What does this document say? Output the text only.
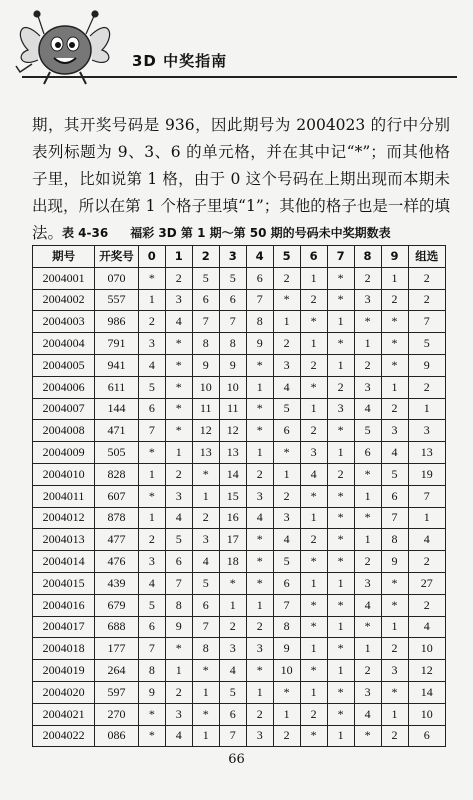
3D 中奖指南

期，其开奖号码是 936，因此期号为 2004023 的行中分别表列标题为 9、3、6 的单元格，并在其中记“*”；而其他格子里，比如说第 1 格，由于 0 这个号码在上期出现而本期未出现，所以在第 1 个格子里填“1”；其他的格子也是一样的填法。

表 4-36 福彩 3D 第 1 期～第 50 期的号码未中奖期数表
期号	开奖号	0	1	2	3	4	5	6	7	8	9	组选
2004001	070	*	2	5	5	6	2	1	*	2	1	2
2004002	557	1	3	6	6	7	*	2	*	3	2	2
2004003	986	2	4	7	7	8	1	*	1	*	*	7
2004004	791	3	*	8	8	9	2	1	*	1	*	5
2004005	941	4	*	9	9	*	3	2	1	2	*	9
2004006	611	5	*	10	10	1	4	*	2	3	1	2
2004007	144	6	*	11	11	*	5	1	3	4	2	1
2004008	471	7	*	12	12	*	6	2	*	5	3	3
2004009	505	*	1	13	13	1	*	3	1	6	4	13
2004010	828	1	2	*	14	2	1	4	2	*	5	19
2004011	607	*	3	1	15	3	2	*	*	1	6	7
2004012	878	1	4	2	16	4	3	1	*	*	7	1
2004013	477	2	5	3	17	*	4	2	*	1	8	4
2004014	476	3	6	4	18	*	5	*	*	2	9	2
2004015	439	4	7	5	*	*	6	1	1	3	*	27
2004016	679	5	8	6	1	1	7	*	*	4	*	2
2004017	688	6	9	7	2	2	8	*	1	*	1	4
2004018	177	7	*	8	3	3	9	1	*	1	2	10
2004019	264	8	1	*	4	*	10	*	1	2	3	12
2004020	597	9	2	1	5	1	*	1	*	3	*	14
2004021	270	*	3	*	6	2	1	2	*	4	1	10
2004022	086	*	4	1	7	3	2	*	1	*	2	6
66
